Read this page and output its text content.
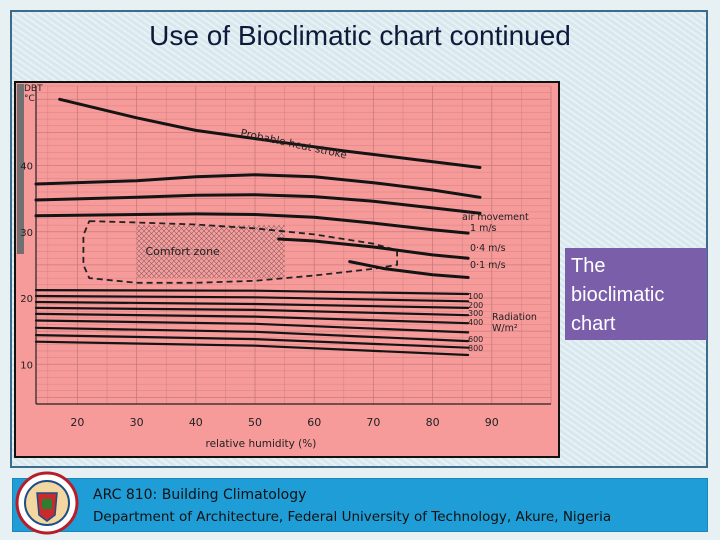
Use of Bioclimatic chart continued
20	30	40	50	60	70	80	90
10
20
30
40
relative humidity (%)
DBT
°C
Comfort zone
Probable heat stroke
air movement
1 m/s
0·4 m/s
0·1 m/s
Radiation
W/m²
100
200
300
400
600
800
The bioclimatic chart
ARC 810: Building Climatology
Department of Architecture, Federal University of Technology, Akure, Nigeria
